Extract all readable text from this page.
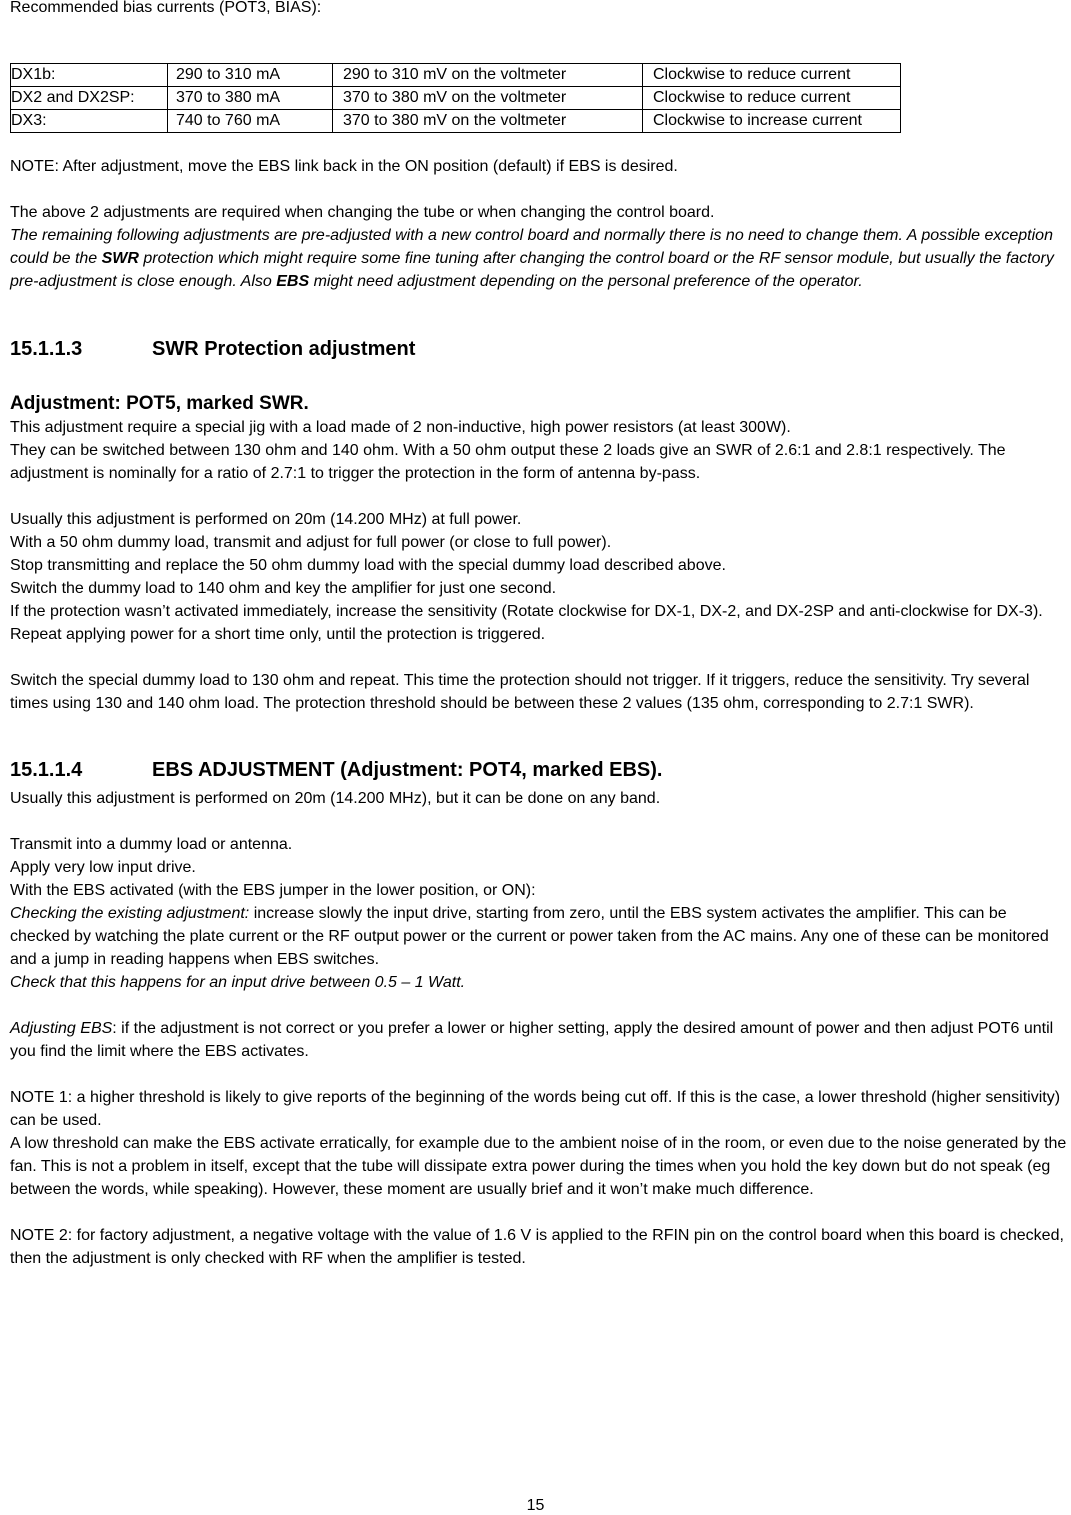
Recommended bias currents (POT3, BIAS):

DX1b:	290 to 310 mA	290 to 310 mV on the voltmeter	Clockwise to reduce current
DX2 and DX2SP:	370 to 380 mA	370 to 380 mV on the voltmeter	Clockwise to reduce current
DX3:	740 to 760 mA	370 to 380 mV on the voltmeter	Clockwise to increase current

NOTE: After adjustment, move the EBS link back in the ON position (default) if EBS is desired.

The above 2 adjustments are required when changing the tube or when changing the control board.

The remaining following adjustments are pre-adjusted with a new control board and normally there is no need to change them. A possible exception could be the SWR protection which might require some fine tuning after changing the control board or the RF sensor module, but usually the factory pre-adjustment is close enough. Also EBS might need adjustment depending on the personal preference of the operator.

15.1.1.3	SWR Protection adjustment
Adjustment: POT5, marked SWR.

This adjustment require a special jig with a load made of 2 non-inductive, high power resistors (at least 300W).

They can be switched between 130 ohm and 140 ohm. With a 50 ohm output these 2 loads give an SWR of 2.6:1 and 2.8:1 respectively. The adjustment is nominally for a ratio of 2.7:1 to trigger the protection in the form of antenna by-pass.

Usually this adjustment is performed on 20m (14.200 MHz) at full power.

With a 50 ohm dummy load, transmit and adjust for full power (or close to full power).

Stop transmitting and replace the 50 ohm dummy load with the special dummy load described above.

Switch the dummy load to 140 ohm and key the amplifier for just one second.

If the protection wasn’t activated immediately, increase the sensitivity (Rotate clockwise for DX-1, DX-2, and DX-2SP and anti-clockwise for DX-3).

Repeat applying power for a short time only, until the protection is triggered.

Switch the special dummy load to 130 ohm and repeat. This time the protection should not trigger. If it triggers, reduce the sensitivity. Try several times using 130 and 140 ohm load. The protection threshold should be between these 2 values (135 ohm, corresponding to 2.7:1 SWR).

15.1.1.4	EBS ADJUSTMENT (Adjustment: POT4, marked EBS).

Usually this adjustment is performed on 20m (14.200 MHz), but it can be done on any band.

Transmit into a dummy load or antenna.

Apply very low input drive.

With the EBS activated (with the EBS jumper in the lower position, or ON):

Checking the existing adjustment: increase slowly the input drive, starting from zero, until the EBS system activates the amplifier. This can be checked by watching the plate current or the RF output power or the current or power taken from the AC mains. Any one of these can be monitored and a jump in reading happens when EBS switches.

Check that this happens for an input drive between 0.5 – 1 Watt.

Adjusting EBS: if the adjustment is not correct or you prefer a lower or higher setting, apply the desired amount of power and then adjust POT6 until you find the limit where the EBS activates.

NOTE 1: a higher threshold is likely to give reports of the beginning of the words being cut off. If this is the case, a lower threshold (higher sensitivity) can be used.

A low threshold can make the EBS activate erratically, for example due to the ambient noise of in the room, or even due to the noise generated by the fan. This is not a problem in itself, except that the tube will dissipate extra power during the times when you hold the key down but do not speak (eg between the words, while speaking). However, these moment are usually brief and it won’t make much difference.

NOTE 2: for factory adjustment, a negative voltage with the value of 1.6 V is applied to the RFIN pin on the control board when this board is checked, then the adjustment is only checked with RF when the amplifier is tested.

15
